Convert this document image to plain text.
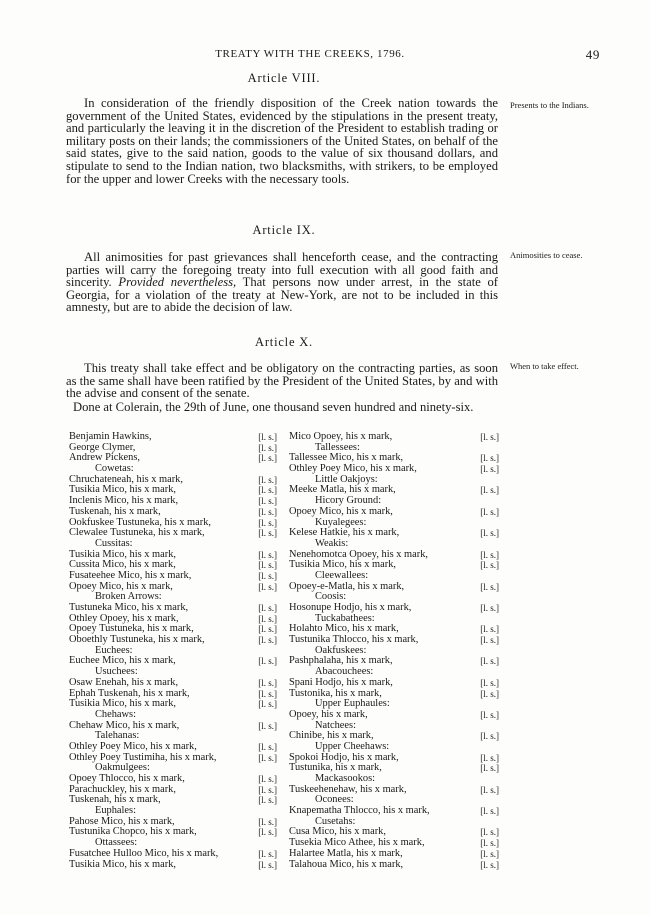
TREATY WITH THE CREEKS, 1796.	49
Article VIII.
In consideration of the friendly disposition of the Creek nation towards the government of the United States, evidenced by the stipulations in the present treaty, and particularly the leaving it in the discretion of the President to establish trading or military posts on their lands; the commissioners of the United States, on behalf of the said states, give to the said nation, goods to the value of six thousand dollars, and stipulate to send to the Indian nation, two blacksmiths, with strikers, to be employed for the upper and lower Creeks with the necessary tools.
Presents to the Indians.
Article IX.
All animosities for past grievances shall henceforth cease, and the contracting parties will carry the foregoing treaty into full execution with all good faith and sincerity. Provided nevertheless, That persons now under arrest, in the state of Georgia, for a violation of the treaty at New-York, are not to be included in this amnesty, but are to abide the decision of law.
Animosities to cease.
Article X.
This treaty shall take effect and be obligatory on the contracting parties, as soon as the same shall have been ratified by the President of the United States, by and with the advise and consent of the senate.
Done at Colerain, the 29th of June, one thousand seven hundred and ninety-six.
When to take effect.
Benjamin Hawkins,	[l. s.]
George Clymer,	[l. s.]
Andrew Pickens,	[l. s.]
Cowetas:
Chruchateneah, his x mark,	[l. s.]
Tusikia Mico, his x mark,	[l. s.]
Inclenis Mico, his x mark,	[l. s.]
Tuskenah, his x mark,	[l. s.]
Ookfuskee Tustuneka, his x mark,	[l. s.]
Clewalee Tustuneka, his x mark,	[l. s.]
Cussitas:
Tusikia Mico, his x mark,	[l. s.]
Cussita Mico, his x mark,	[l. s.]
Fusateehee Mico, his x mark,	[l. s.]
Opoey Mico, his x mark,	[l. s.]
Broken Arrows:
Tustuneka Mico, his x mark,	[l. s.]
Othley Opoey, his x mark,	[l. s.]
Opoey Tustuneka, his x mark,	[l. s.]
Oboethly Tustuneka, his x mark,	[l. s.]
Euchees:
Euchee Mico, his x mark,	[l. s.]
Usuchees:
Osaw Enehah, his x mark,	[l. s.]
Ephah Tuskenah, his x mark,	[l. s.]
Tusikia Mico, his x mark,	[l. s.]
Chehaws:
Chehaw Mico, his x mark,	[l. s.]
Talehanas:
Othley Poey Mico, his x mark,	[l. s.]
Othley Poey Tustimiha, his x mark,	[l. s.]
Oakmulgees:
Opoey Thlocco, his x mark,	[l. s.]
Parachuckley, his x mark,	[l. s.]
Tuskenah, his x mark,	[l. s.]
Euphales:
Pahose Mico, his x mark,	[l. s.]
Tustunika Chopco, his x mark,	[l. s.]
Ottassees:
Fusatchee Hulloo Mico, his x mark,	[l. s.]
Tusikia Mico, his x mark,	[l. s.]
Mico Opoey, his x mark,	[l. s.]
Tallessees:
Tallessee Mico, his x mark,	[l. s.]
Othley Poey Mico, his x mark,	[l. s.]
Little Oakjoys:
Meeke Matla, his x mark,	[l. s.]
Hicory Ground:
Opoey Mico, his x mark,	[l. s.]
Kuyalegees:
Kelese Hatkie, his x mark,	[l. s.]
Weakis:
Nenehomotca Opoey, his x mark,	[l. s.]
Tusikia Mico, his x mark,	[l. s.]
Cleewallees:
Opoey-e-Matla, his x mark,	[l. s.]
Coosis:
Hosonupe Hodjo, his x mark,	[l. s.]
Tuckabathees:
Holahto Mico, his x mark,	[l. s.]
Tustunika Thlocco, his x mark,	[l. s.]
Oakfuskees:
Pashphalaha, his x mark,	[l. s.]
Abacouchees:
Spani Hodjo, his x mark,	[l. s.]
Tustonika, his x mark,	[l. s.]
Upper Euphaules:
Opoey, his x mark,	[l. s.]
Natchees:
Chinibe, his x mark,	[l. s.]
Upper Cheehaws:
Spokoi Hodjo, his x mark,	[l. s.]
Tustunika, his x mark,	[l. s.]
Mackasookos:
Tuskeehenehaw, his x mark,	[l. s.]
Oconees:
Knapematha Thlocco, his x mark,	[l. s.]
Cusetahs:
Cusa Mico, his x mark,	[l. s.]
Tusekia Mico Athee, his x mark,	[l. s.]
Halartee Matla, his x mark,	[l. s.]
Talahoua Mico, his x mark,	[l. s.]
